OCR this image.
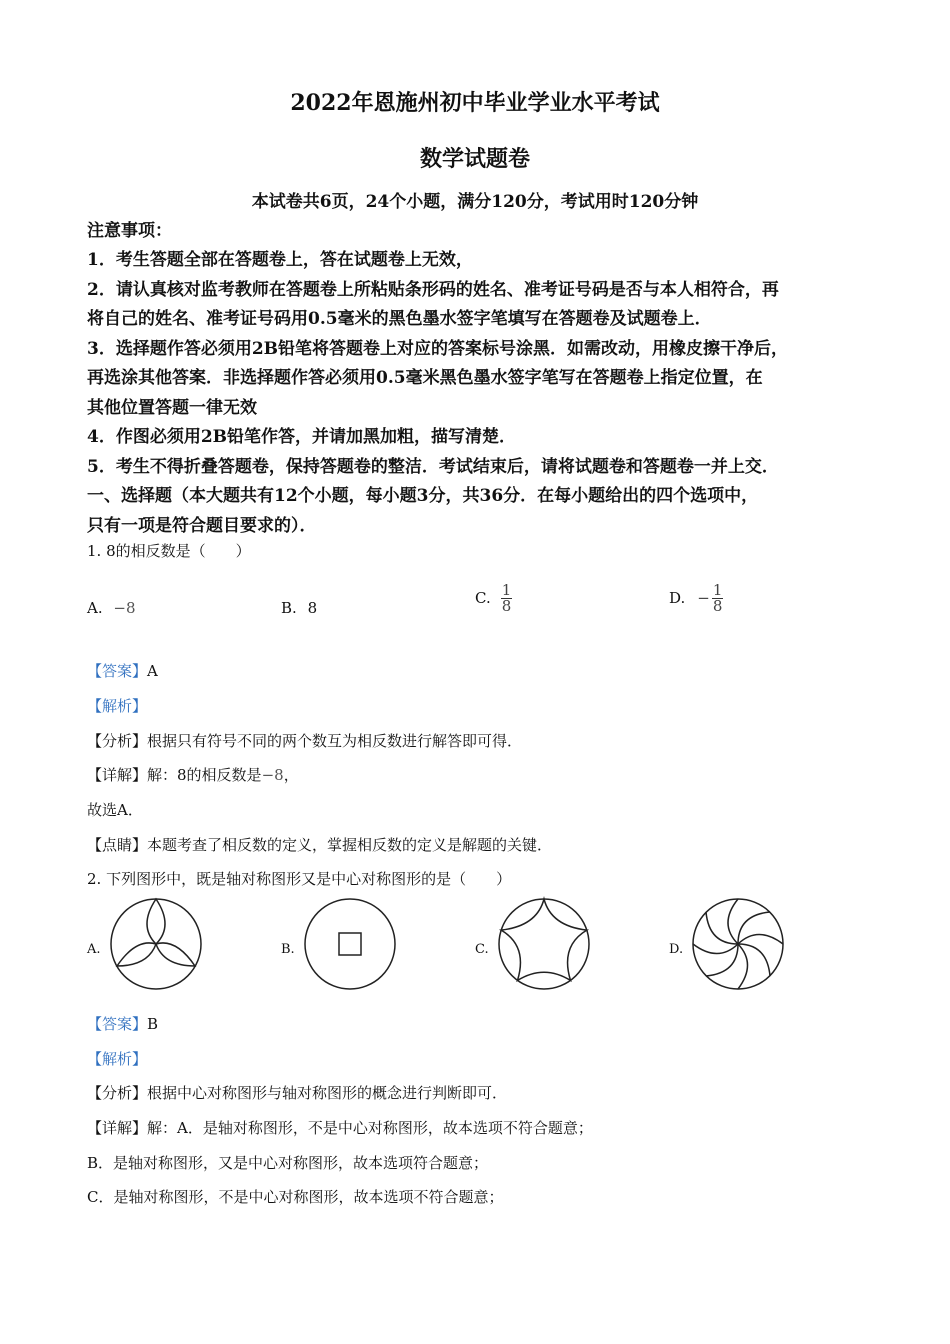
2022年恩施州初中毕业学业水平考试
数学试题卷
本试卷共6页，24个小题，满分120分，考试用时120分钟
注意事项：
1．考生答题全部在答题卷上，答在试题卷上无效，
2．请认真核对监考教师在答题卷上所粘贴条形码的姓名、准考证号码是否与本人相符合，再
将自己的姓名、准考证号码用0.5毫米的黑色墨水签字笔填写在答题卷及试题卷上．
3．选择题作答必须用2B铅笔将答题卷上对应的答案标号涂黑．如需改动，用橡皮擦干净后，
再选涂其他答案．非选择题作答必须用0.5毫米黑色墨水签字笔写在答题卷上指定位置，在
其他位置答题一律无效
4．作图必须用2B铅笔作答，并请加黑加粗，描写清楚．
5．考生不得折叠答题卷，保持答题卷的整洁．考试结束后，请将试题卷和答题卷一并上交．
一、选择题（本大题共有12个小题，每小题3分，共36分．在每小题给出的四个选项中，
只有一项是符合题目要求的）．
1. 8的相反数是（　　）
A. −8	B. 8
C. $\frac{1}{8}$	D. − $\frac{1}{8}$
【答案】A
【解析】
【分析】根据只有符号不同的两个数互为相反数进行解答即可得．
【详解】解：8的相反数是−8，
故选A．
【点睛】本题考查了相反数的定义，掌握相反数的定义是解题的关键．
2. 下列图形中，既是轴对称图形又是中心对称图形的是（　　）
A.	B.	C.	D.
【答案】B
【解析】
【分析】根据中心对称图形与轴对称图形的概念进行判断即可．
【详解】解：A．是轴对称图形，不是中心对称图形，故本选项不符合题意；
B．是轴对称图形，又是中心对称图形，故本选项符合题意；
C．是轴对称图形，不是中心对称图形，故本选项不符合题意；
